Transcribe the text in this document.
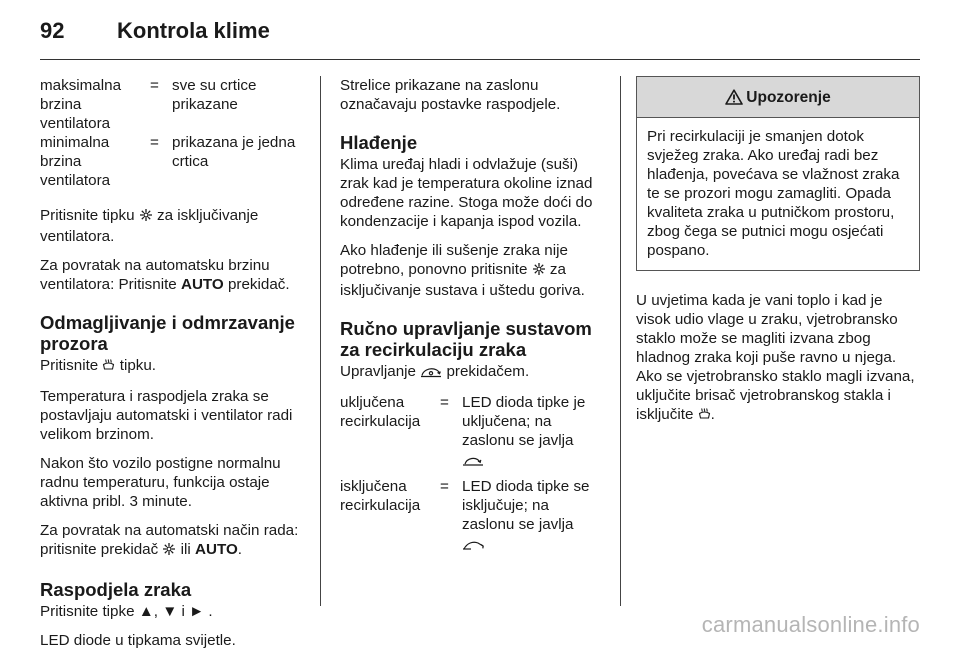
92 Kontrola klime
maksimalna
brzina
ventilatora
= sve su crtice
prikazane
minimalna
brzina
ventilatora
= prikazana je jedna
crtica

Pritisnite tipku za isključivanje ventilatora.

Za povratak na automatsku brzinu ventilatora: Pritisnite AUTO prekidač.

Odmagljivanje i odmrzavanje prozora

Pritisnite tipku.

Temperatura i raspodjela zraka se postavljaju automatski i ventilator radi velikom brzinom.

Nakon što vozilo postigne normalnu radnu temperaturu, funkcija ostaje aktivna pribl. 3 minute.

Za povratak na automatski način rada: pritisnite prekidač ili AUTO.

Raspodjela zraka

Pritisnite tipke ▲, ▼ i ► .

LED diode u tipkama svijetle.

Strelice prikazane na zaslonu označavaju postavke raspodjele.

Hlađenje

Klima uređaj hladi i odvlažuje (suši) zrak kad je temperatura okoline iznad određene razine. Stoga može doći do kondenzacije i kapanja ispod vozila.

Ako hlađenje ili sušenje zraka nije potrebno, ponovno pritisnite za isključivanje sustava i uštedu goriva.

Ručno upravljanje sustavom za recirkulaciju zraka

Upravljanje prekidačem.

uključena
recirkulacija
= LED dioda tipke je
uključena; na
zaslonu se javlja

isključena
recirkulacija
= LED dioda tipke se
isključuje; na
zaslonu se javlja

Upozorenje
Pri recirkulaciji je smanjen dotok svježeg zraka. Ako uređaj radi bez hlađenja, povećava se vlažnost zraka te se prozori mogu zamagliti. Opada kvaliteta zraka u putničkom prostoru, zbog čega se putnici mogu osjećati pospano.

U uvjetima kada je vani toplo i kad je visok udio vlage u zraku, vjetrobransko staklo može se magliti izvana zbog hladnog zraka koji puše ravno u njega. Ako se vjetrobransko staklo magli izvana, uključite brisač vjetrobranskog stakla i isključite .

carmanualsonline.info
